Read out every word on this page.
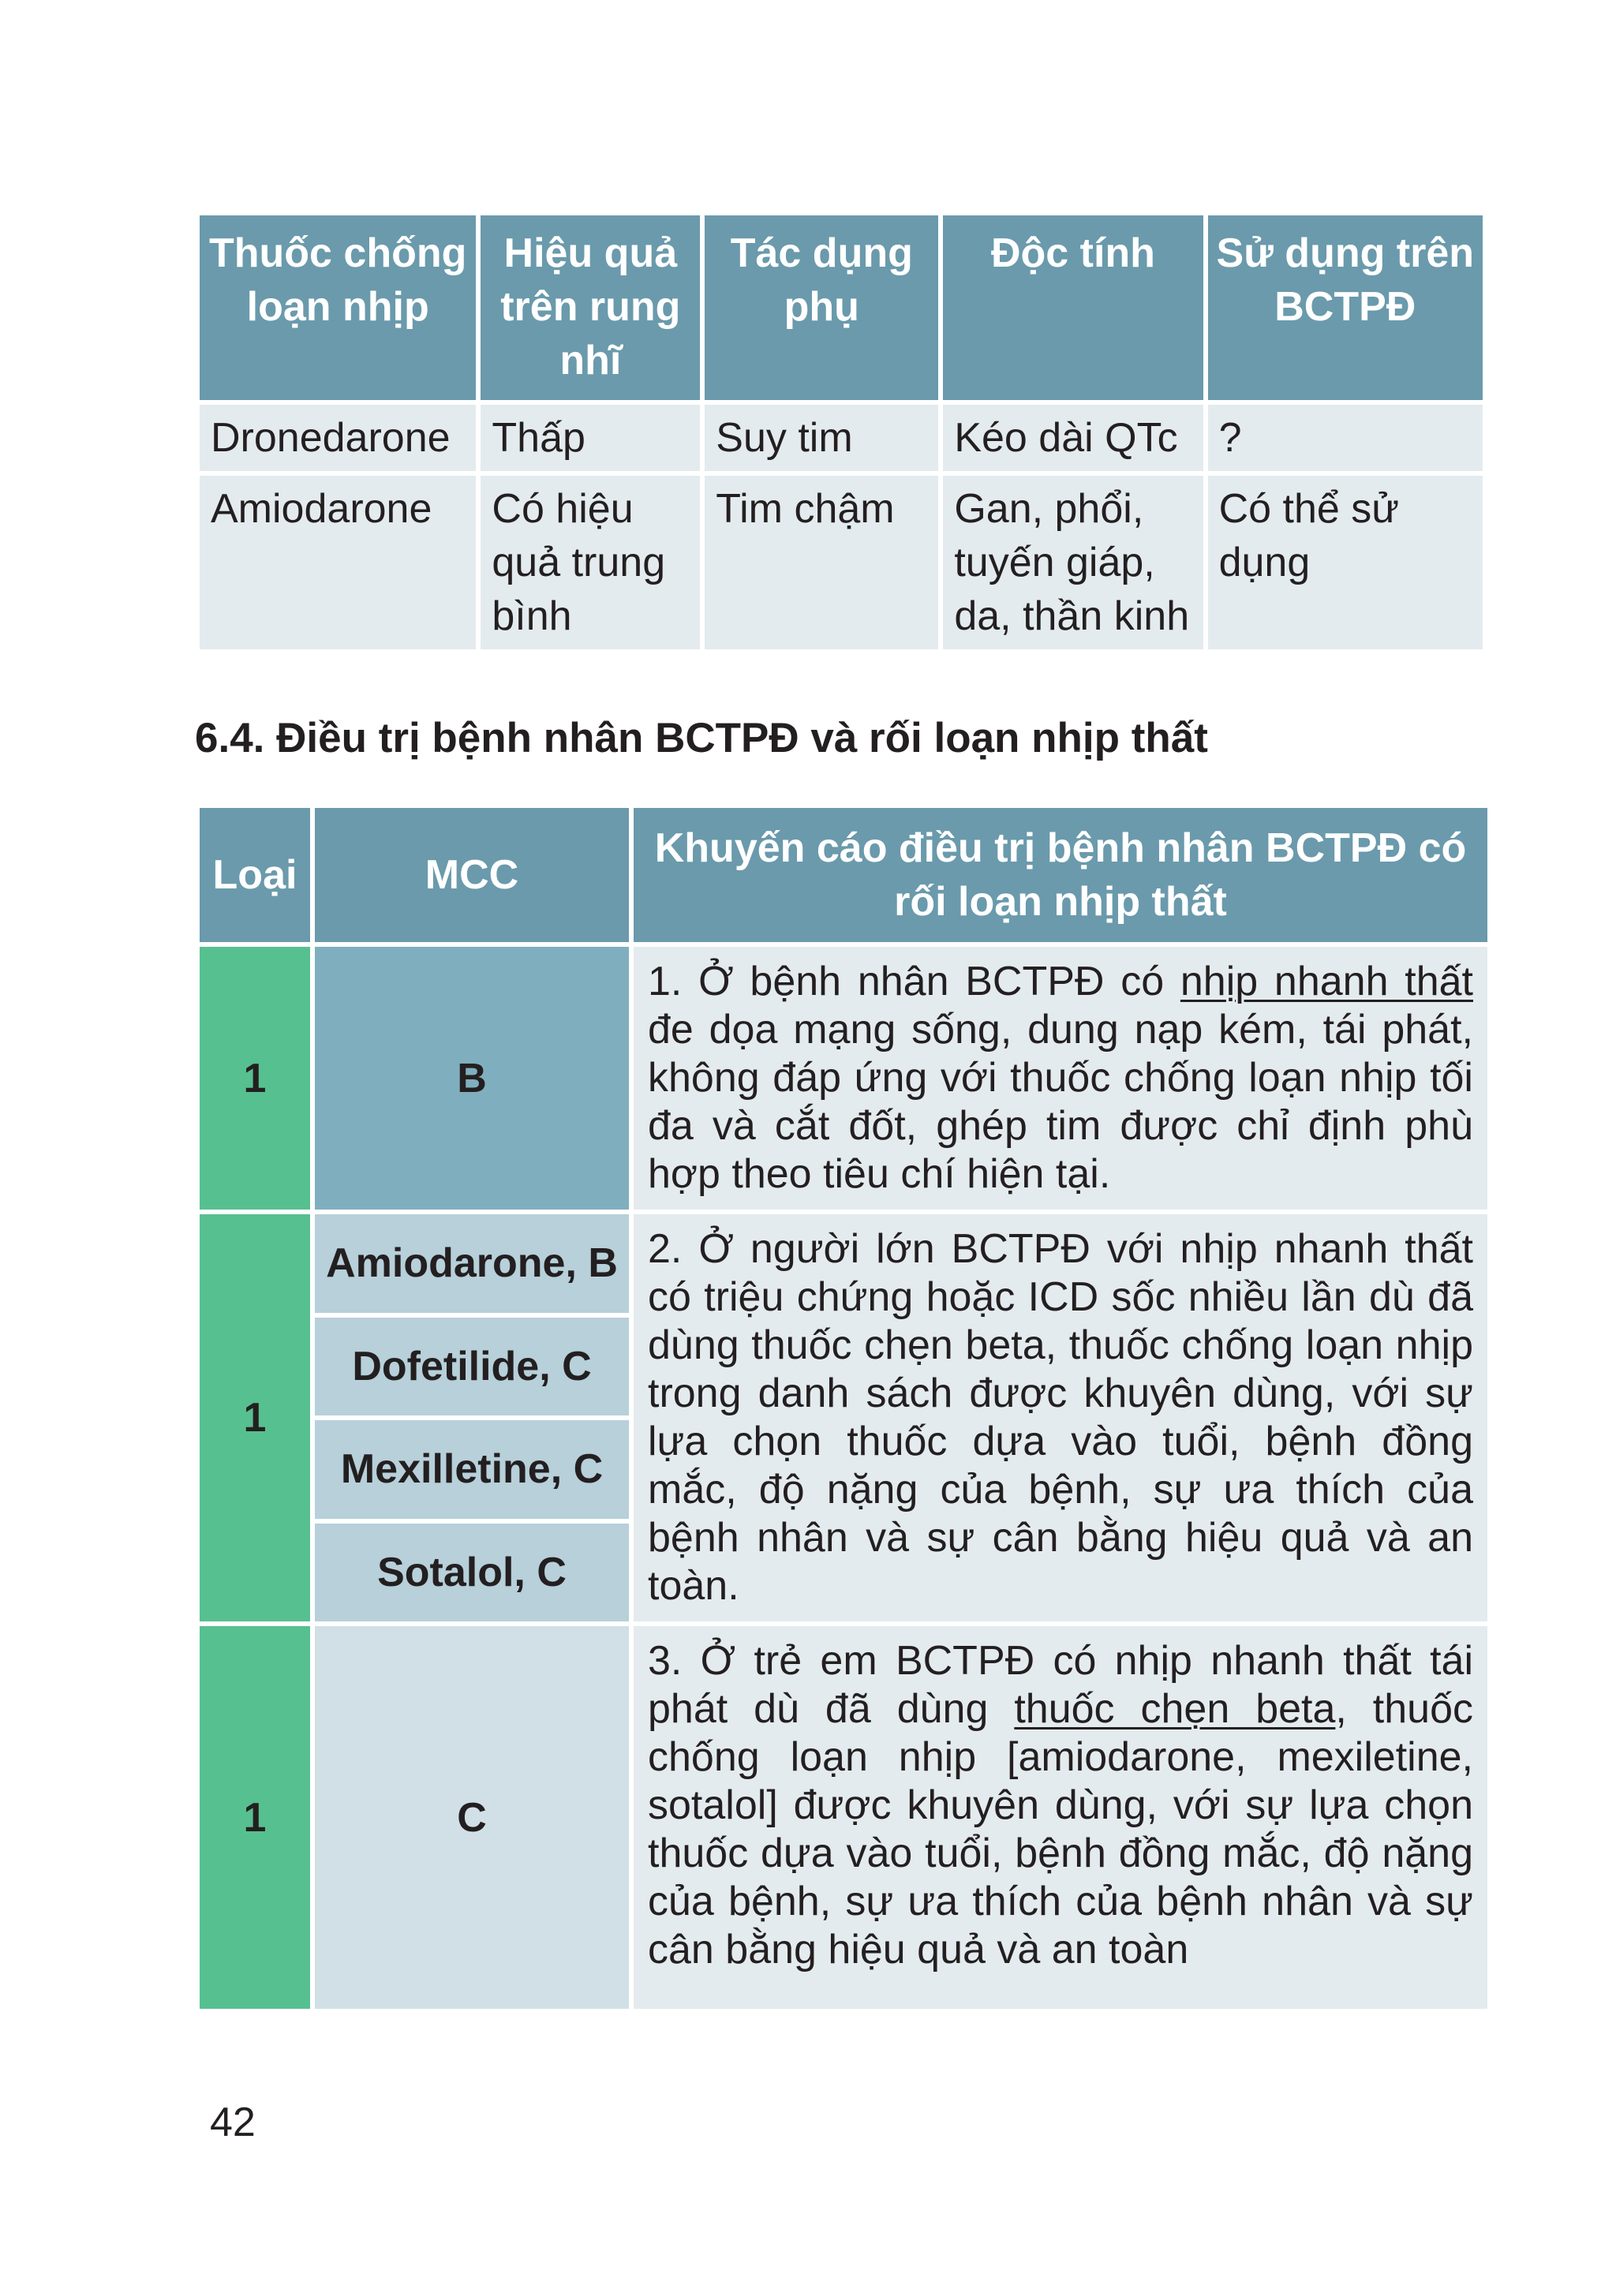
Thuốc chống loạn nhịp	Hiệu quả trên rung nhĩ	Tác dụng phụ	Độc tính	Sử dụng trên BCTPĐ
Dronedarone	Thấp	Suy tim	Kéo dài QTc	?
Amiodarone	Có hiệu quả trung bình	Tim chậm	Gan, phổi, tuyến giáp, da, thần kinh	Có thể sử dụng
6.4. Điều trị bệnh nhân BCTPĐ và rối loạn nhịp thất
Loại	MCC	Khuyến cáo điều trị bệnh nhân BCTPĐ có rối loạn nhịp thất
1	B	1. Ở bệnh nhân BCTPĐ có nhịp nhanh thất đe dọa mạng sống, dung nạp kém, tái phát, không đáp ứng với thuốc chống loạn nhịp tối đa và cắt đốt, ghép tim được chỉ định phù hợp theo tiêu chí hiện tại.
1	Amiodarone, B	2. Ở người lớn BCTPĐ với nhịp nhanh thất có triệu chứng hoặc ICD sốc nhiều lần dù đã dùng thuốc chẹn beta, thuốc chống loạn nhịp trong danh sách được khuyên dùng, với sự lựa chọn thuốc dựa vào tuổi, bệnh đồng mắc, độ nặng của bệnh, sự ưa thích của bệnh nhân và sự cân bằng hiệu quả và an toàn.
	Dofetilide, C	
	Mexilletine, C	
	Sotalol, C	
1	C	3. Ở trẻ em BCTPĐ có nhịp nhanh thất tái phát dù đã dùng thuốc chẹn beta, thuốc chống loạn nhịp [amiodarone, mexiletine, sotalol] được khuyên dùng, với sự lựa chọn thuốc dựa vào tuổi, bệnh đồng mắc, độ nặng của bệnh, sự ưa thích của bệnh nhân và sự cân bằng hiệu quả và an toàn
42
